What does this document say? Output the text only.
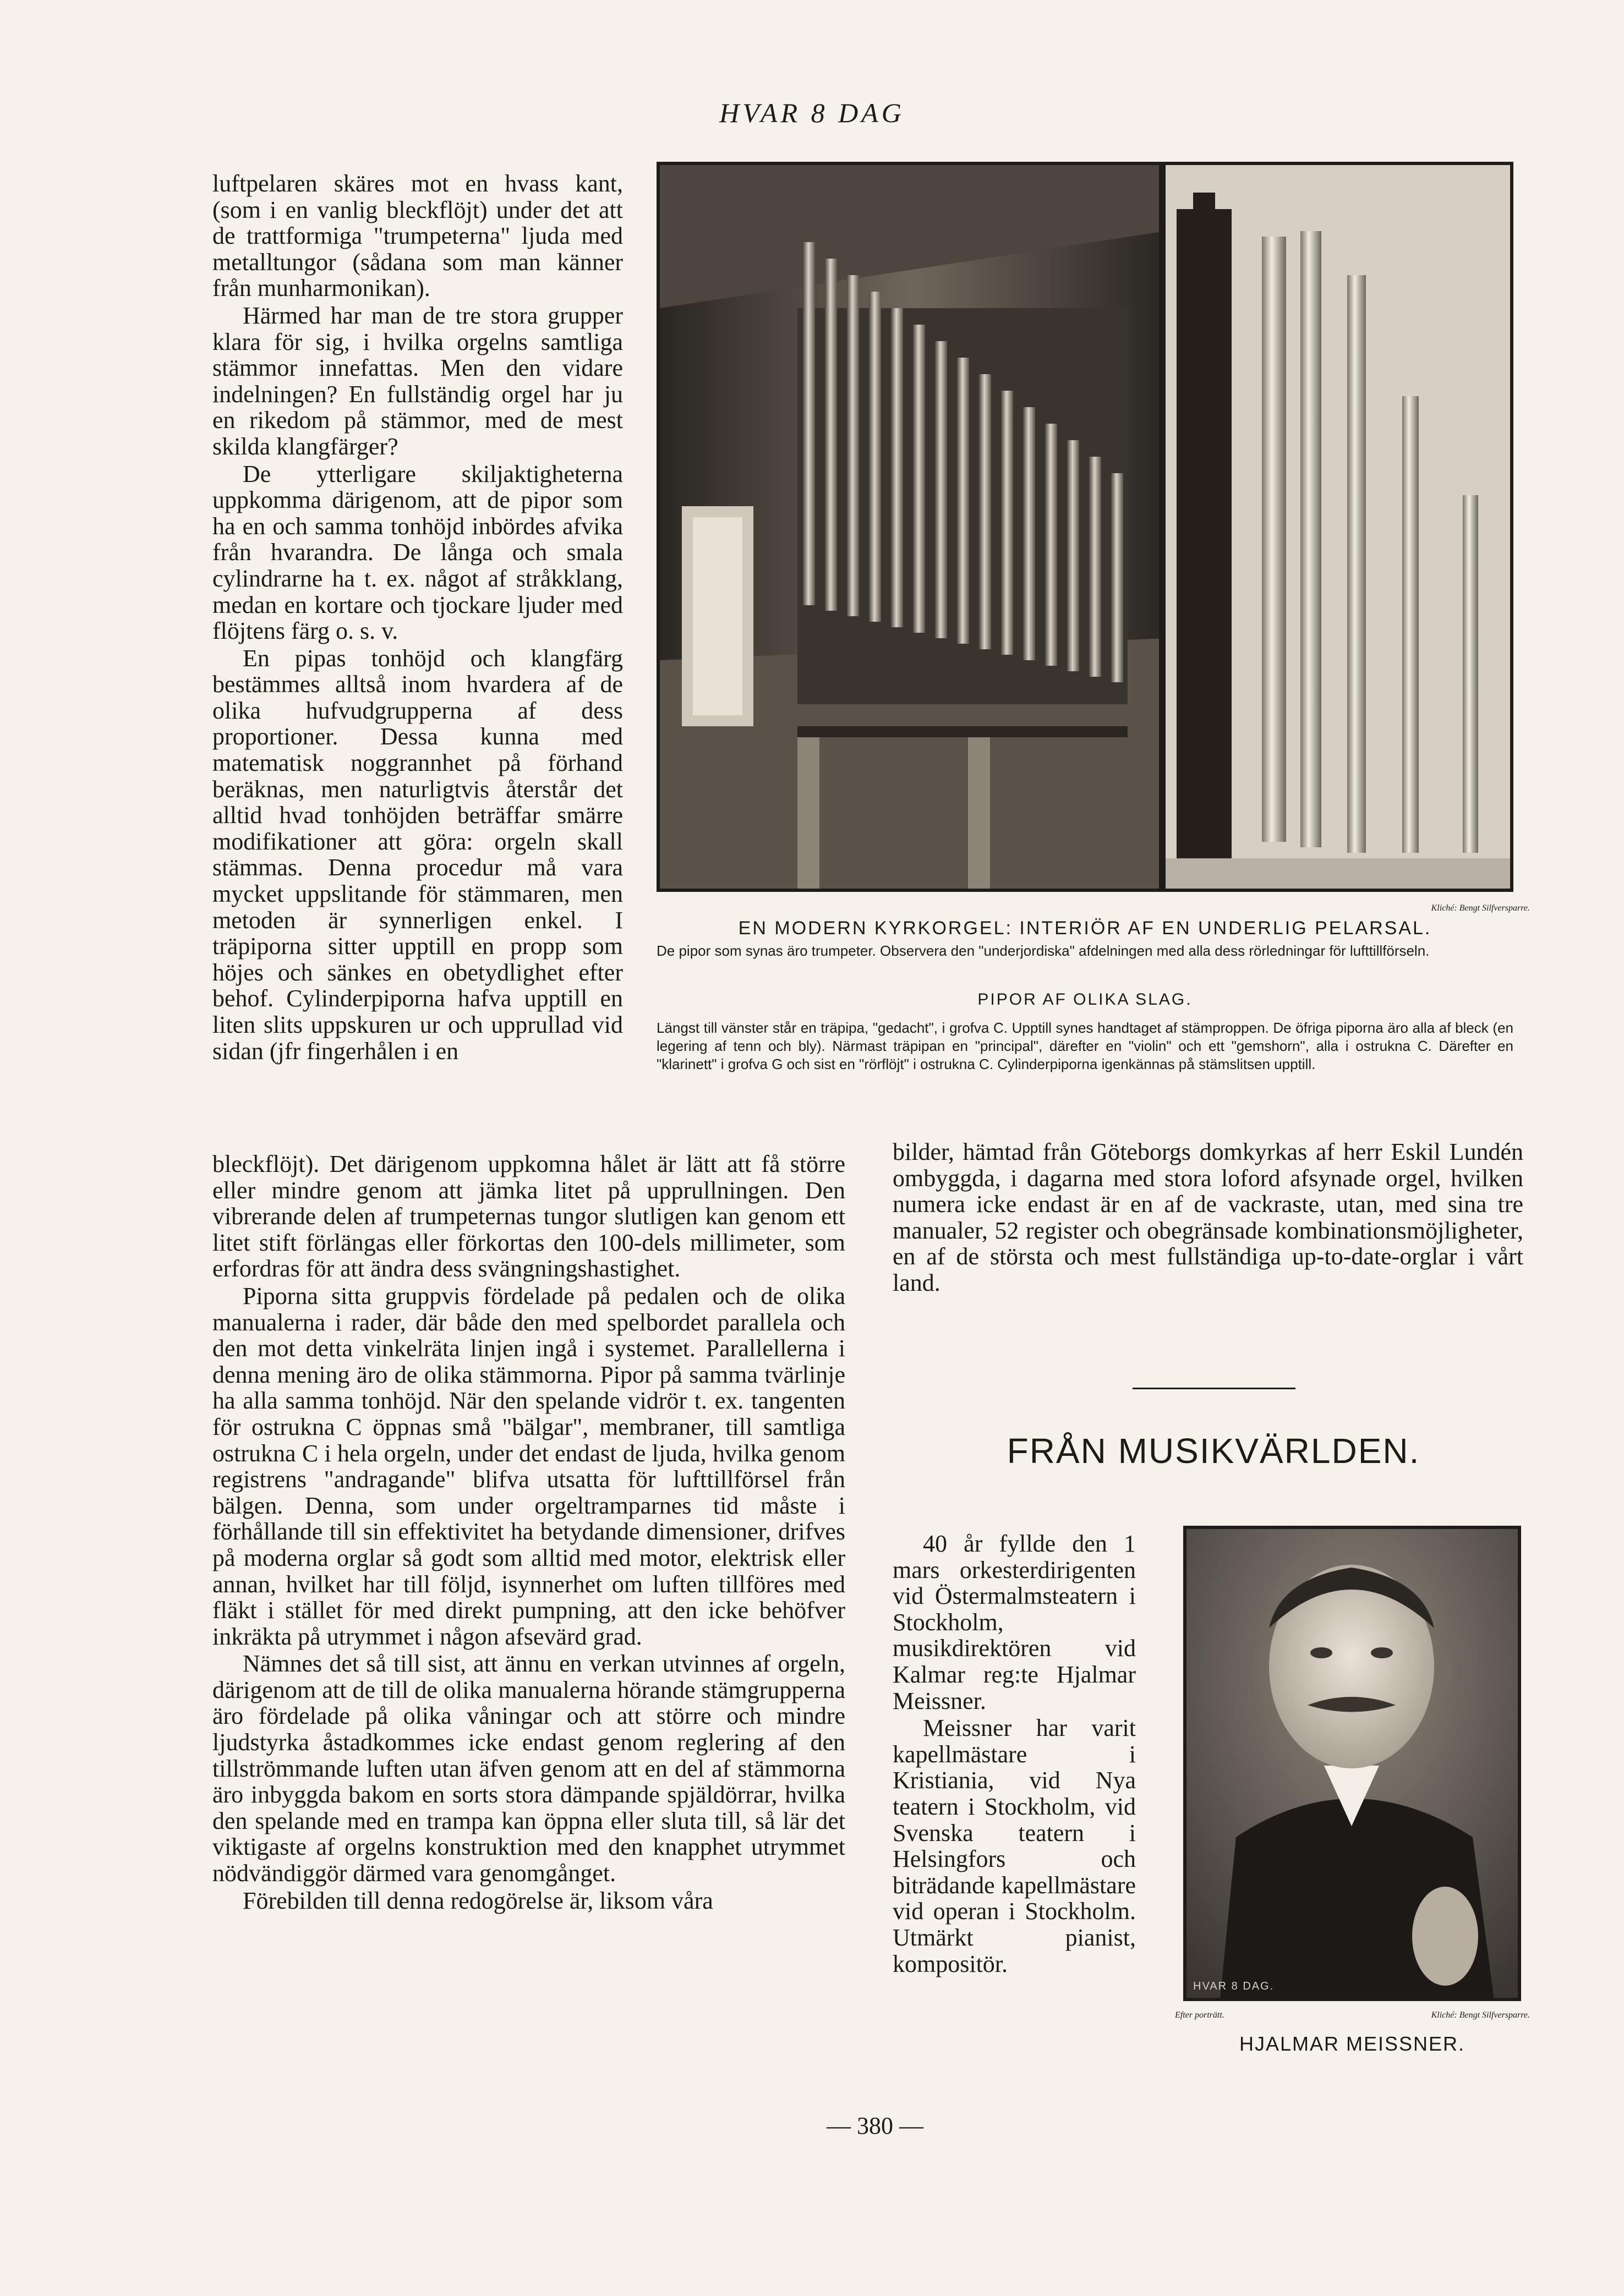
HVAR 8 DAG

luftpelaren skäres mot en hvass kant, (som i en vanlig bleckflöjt) under det att de trattformiga "trumpeterna" ljuda med metalltungor (sådana som man känner från munharmonikan).

Härmed har man de tre stora grupper klara för sig, i hvilka orgelns samtliga stämmor innefattas. Men den vidare indelningen? En fullständig orgel har ju en rikedom på stämmor, med de mest skilda klangfärger?

De ytterligare skiljaktigheterna uppkomma därigenom, att de pipor som ha en och samma tonhöjd inbördes afvika från hvarandra. De långa och smala cylindrarne ha t. ex. något af stråkklang, medan en kortare och tjockare ljuder med flöjtens färg o. s. v.

En pipas tonhöjd och klangfärg bestämmes alltså inom hvardera af de olika hufvudgrupperna af dess proportioner. Dessa kunna med matematisk noggrannhet på förhand beräknas, men naturligtvis återstår det alltid hvad tonhöjden beträffar smärre modifikationer att göra: orgeln skall stämmas. Denna procedur må vara mycket uppslitande för stämmaren, men metoden är synnerligen enkel. I träpiporna sitter upptill en propp som höjes och sänkes en obetydlighet efter behof. Cylinderpiporna hafva upptill en liten slits uppskuren ur och upprullad vid sidan (jfr fingerhålen i en

Kliché: Bengt Silfversparre.
EN MODERN KYRKORGEL: INTERIÖR AF EN UNDERLIG PELARSAL.
De pipor som synas äro trumpeter. Observera den "underjordiska" afdelningen med alla dess rörledningar för lufttillförseln.
PIPOR AF OLIKA SLAG.
Längst till vänster står en träpipa, "gedacht", i grofva C. Upptill synes handtaget af stämproppen. De öfriga piporna äro alla af bleck (en legering af tenn och bly). Närmast träpipan en "principal", därefter en "violin" och ett "gemshorn", alla i ostrukna C. Därefter en "klarinett" i grofva G och sist en "rörflöjt" i ostrukna C. Cylinderpiporna igenkännas på stämslitsen upptill.

bleckflöjt). Det därigenom uppkomna hålet är lätt att få större eller mindre genom att jämka litet på upprullningen. Den vibrerande delen af trumpeternas tungor slutligen kan genom ett litet stift förlängas eller förkortas den 100-dels millimeter, som erfordras för att ändra dess svängningshastighet.

Piporna sitta gruppvis fördelade på pedalen och de olika manualerna i rader, där både den med spelbordet parallela och den mot detta vinkelräta linjen ingå i systemet. Parallellerna i denna mening äro de olika stämmorna. Pipor på samma tvärlinje ha alla samma tonhöjd. När den spelande vidrör t. ex. tangenten för ostrukna C öppnas små "bälgar", membraner, till samtliga ostrukna C i hela orgeln, under det endast de ljuda, hvilka genom registrens "andragande" blifva utsatta för lufttillförsel från bälgen. Denna, som under orgeltramparnes tid måste i förhållande till sin effektivitet ha betydande dimensioner, drifves på moderna orglar så godt som alltid med motor, elektrisk eller annan, hvilket har till följd, isynnerhet om luften tillföres med fläkt i stället för med direkt pumpning, att den icke behöfver inkräkta på utrymmet i någon afsevärd grad.

Nämnes det så till sist, att ännu en verkan utvinnes af orgeln, därigenom att de till de olika manualerna hörande stämgrupperna äro fördelade på olika våningar och att större och mindre ljudstyrka åstadkommes icke endast genom reglering af den tillströmmande luften utan äfven genom att en del af stämmorna äro inbyggda bakom en sorts stora dämpande spjäldörrar, hvilka den spelande med en trampa kan öppna eller sluta till, så lär det viktigaste af orgelns konstruktion med den knapphet utrymmet nödvändiggör därmed vara genomgånget.

Förebilden till denna redogörelse är, liksom våra

bilder, hämtad från Göteborgs domkyrkas af herr Eskil Lundén ombyggda, i dagarna med stora loford afsynade orgel, hvilken numera icke endast är en af de vackraste, utan, med sina tre manualer, 52 register och obegränsade kombinationsmöjligheter, en af de största och mest fullständiga up-to-date-orglar i vårt land.

FRÅN MUSIKVÄRLDEN.

40 år fyllde den 1 mars orkesterdirigenten vid Östermalmsteatern i Stockholm, musikdirektören vid Kalmar reg:te Hjalmar Meissner.

Meissner har varit kapellmästare i Kristiania, vid Nya teatern i Stockholm, vid Svenska teatern i Helsingfors och biträdande kapellmästare vid operan i Stockholm. Utmärkt pianist, kompositör.

HVAR 8 DAG.
Efter porträtt.	Kliché: Bengt Silfversparre.
HJALMAR MEISSNER.
— 380 —
